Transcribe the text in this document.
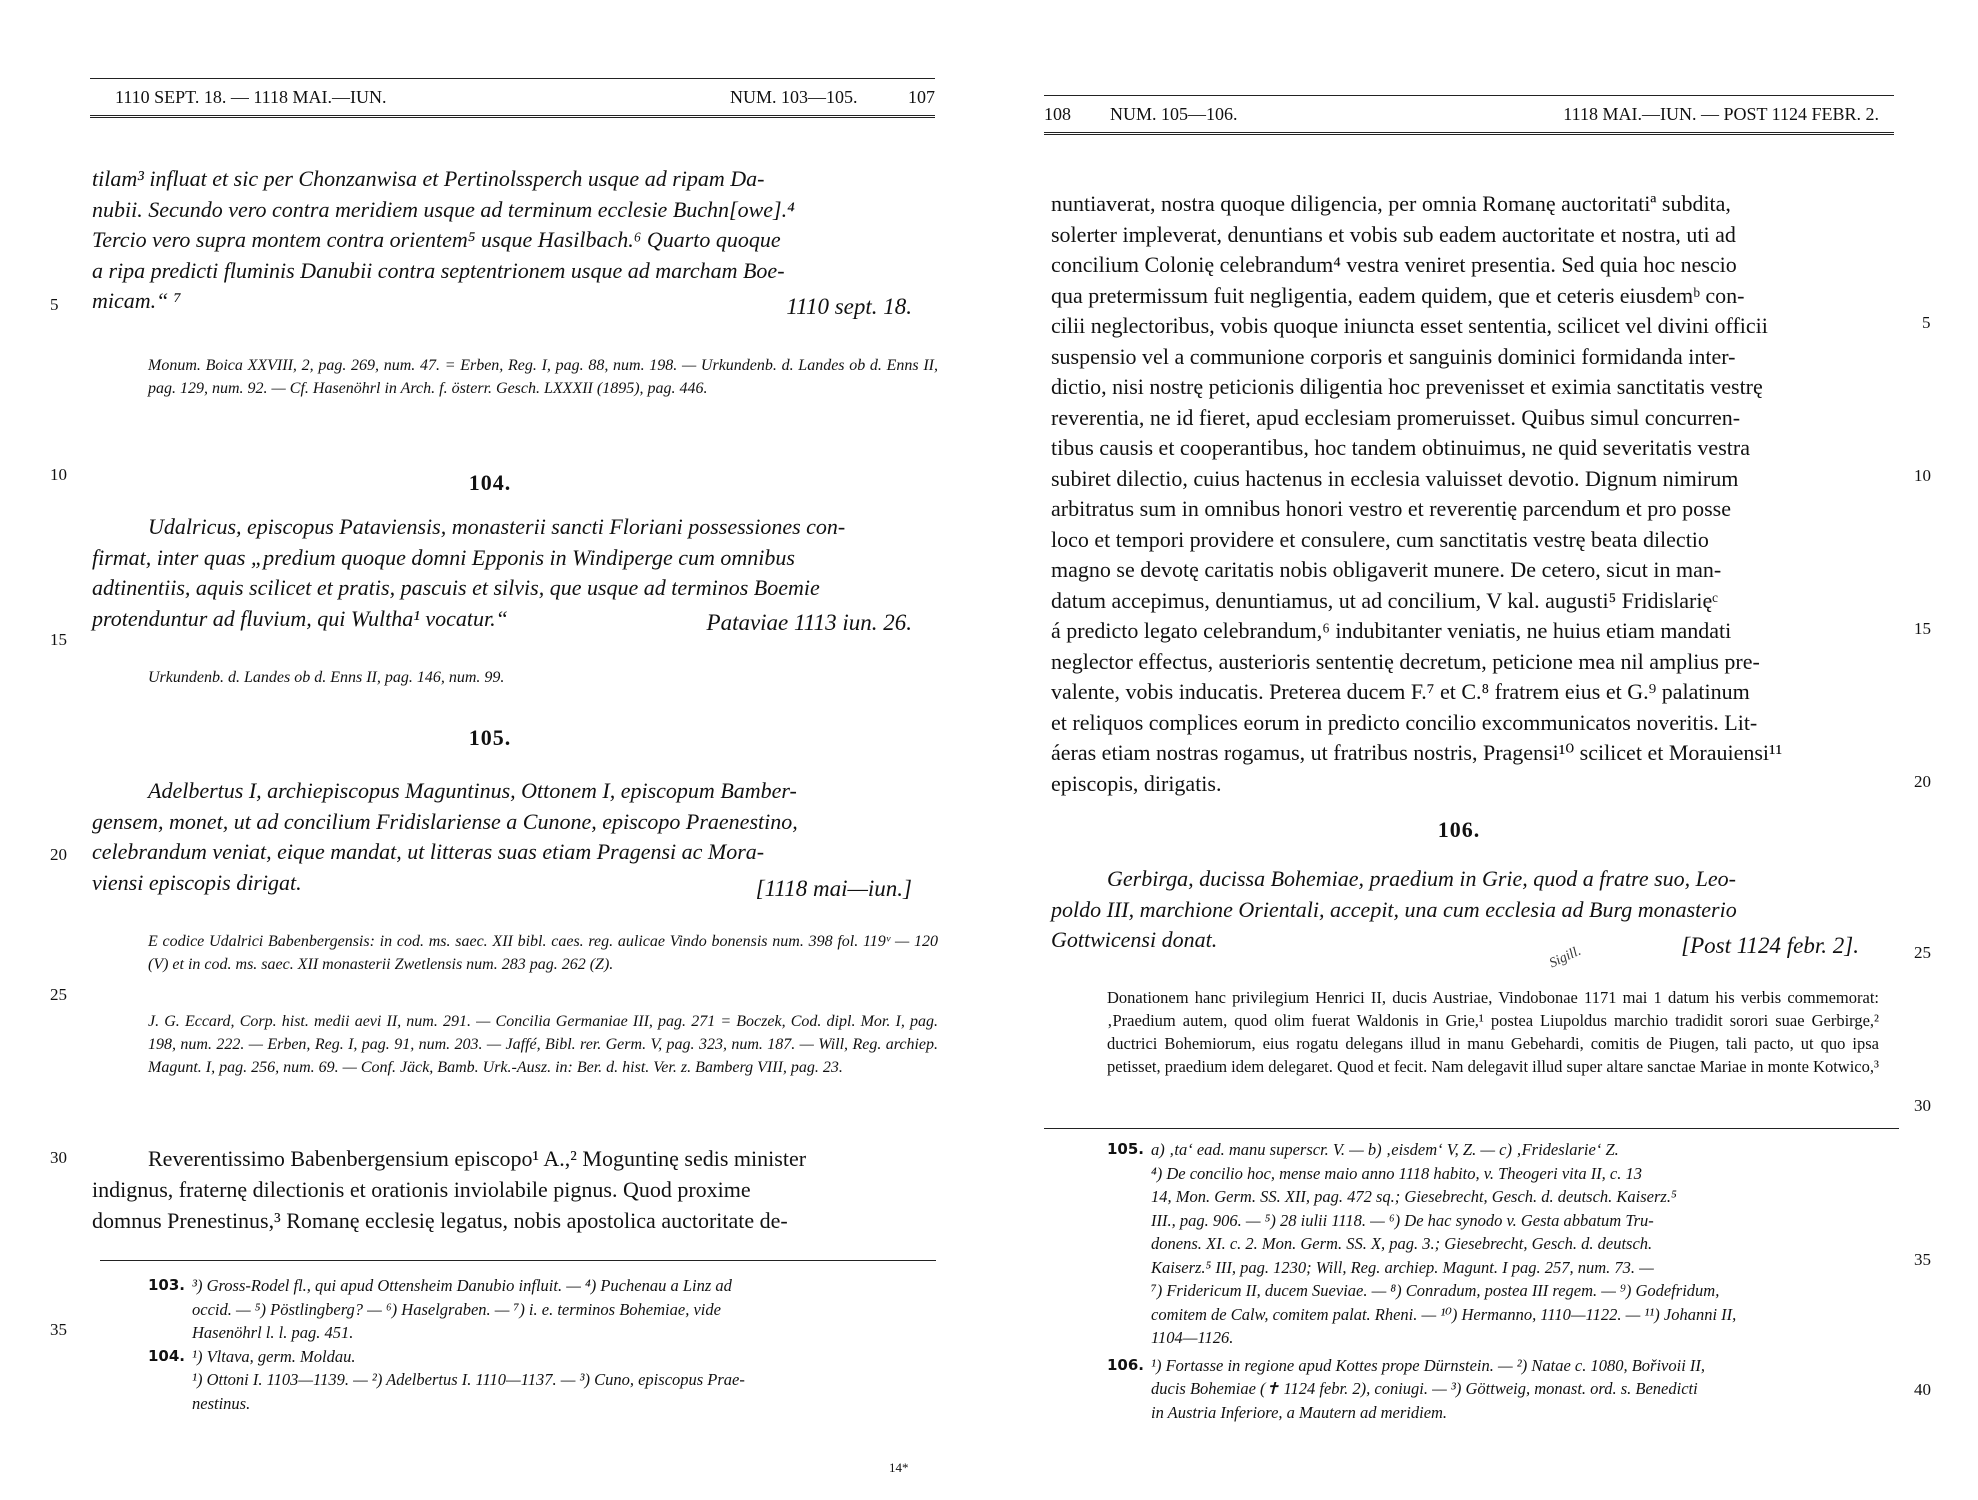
1110 SEPT. 18. — 1118 MAI.—IUN.	NUM. 103—105.	107
tilam³ influat et sic per Chonzanwisa et Pertinolssperch usque ad ripam Da-
nubii. Secundo vero contra meridiem usque ad terminum ecclesie Buchn[owe].⁴
Tercio vero supra montem contra orientem⁵ usque Hasilbach.⁶ Quarto quoque
a ripa predicti fluminis Danubii contra septentrionem usque ad marcham Boe-
micam.“ ⁷	1110 sept. 18.
Monum. Boica XXVIII, 2, pag. 269, num. 47. = Erben, Reg. I, pag. 88, num. 198. — Urkundenb. d. Landes ob d. Enns II, pag. 129, num. 92. — Cf. Hasenöhrl in Arch. f. österr. Gesch. LXXXII (1895), pag. 446.
104.
Udalricus, episcopus Pataviensis, monasterii sancti Floriani possessiones con-
firmat, inter quas „predium quoque domni Epponis in Windiperge cum omnibus
adtinentiis, aquis scilicet et pratis, pascuis et silvis, que usque ad terminos Boemie
protenduntur ad fluvium, qui Wultha¹ vocatur.“	Pataviae 1113 iun. 26.
Urkundenb. d. Landes ob d. Enns II, pag. 146, num. 99.
105.
Adelbertus I, archiepiscopus Maguntinus, Ottonem I, episcopum Bamber-
gensem, monet, ut ad concilium Fridislariense a Cunone, episcopo Praenestino,
celebrandum veniat, eique mandat, ut litteras suas etiam Pragensi ac Mora-
viensi episcopis dirigat.	[1118 mai—iun.]
E codice Udalrici Babenbergensis: in cod. ms. saec. XII bibl. caes. reg. aulicae Vindo bonensis num. 398 fol. 119ᵛ — 120 (V) et in cod. ms. saec. XII monasterii Zwetlensis num. 283 pag. 262 (Z).
J. G. Eccard, Corp. hist. medii aevi II, num. 291. — Concilia Germaniae III, pag. 271 = Boczek, Cod. dipl. Mor. I, pag. 198, num. 222. — Erben, Reg. I, pag. 91, num. 203. — Jaffé, Bibl. rer. Germ. V, pag. 323, num. 187. — Will, Reg. archiep. Magunt. I, pag. 256, num. 69. — Conf. Jäck, Bamb. Urk.-Ausz. in: Ber. d. hist. Ver. z. Bamberg VIII, pag. 23.
Reverentissimo Babenbergensium episcopo¹ A.,² Moguntinę sedis minister
indignus, fraternę dilectionis et orationis inviolabile pignus. Quod proxime
domnus Prenestinus,³ Romanę ecclesię legatus, nobis apostolica auctoritate de-
103. ³) Gross-Rodel fl., qui apud Ottensheim Danubio influit. — ⁴) Puchenau a Linz ad
occid. — ⁵) Pöstlingberg? — ⁶) Haselgraben. — ⁷) i. e. terminos Bohemiae, vide
Hasenöhrl l. l. pag. 451.
104. ¹) Vltava, germ. Moldau.
¹) Ottoni I. 1103—1139. — ²) Adelbertus I. 1110—1137. — ³) Cuno, episcopus Prae-
nestinus.
5
10
15
20
25
30
35
14*
108 NUM. 105—106.	1118 MAI.—IUN. — POST 1124 FEBR. 2.
nuntiaverat, nostra quoque diligencia, per omnia Romanę auctoritatiª subdita,
solerter impleverat, denuntians et vobis sub eadem auctoritate et nostra, uti ad
concilium Colonię celebrandum⁴ vestra veniret presentia. Sed quia hoc nescio
qua pretermissum fuit negligentia, eadem quidem, que et ceteris eiusdemᵇ con-
cilii neglectoribus, vobis quoque iniuncta esset sententia, scilicet vel divini officii
suspensio vel a communione corporis et sanguinis dominici formidanda inter-
dictio, nisi nostrę peticionis diligentia hoc prevenisset et eximia sanctitatis vestrę
reverentia, ne id fieret, apud ecclesiam promeruisset. Quibus simul concurren-
tibus causis et cooperantibus, hoc tandem obtinuimus, ne quid severitatis vestra
subiret dilectio, cuius hactenus in ecclesia valuisset devotio. Dignum nimirum
arbitratus sum in omnibus honori vestro et reverentię parcendum et pro posse
loco et tempori providere et consulere, cum sanctitatis vestrę beata dilectio
magno se devotę caritatis nobis obligaverit munere. De cetero, sicut in man-
datum accepimus, denuntiamus, ut ad concilium, V kal. augusti⁵ Fridislarięᶜ
á predicto legato celebrandum,⁶ indubitanter veniatis, ne huius etiam mandati
neglector effectus, austerioris sententię decretum, peticione mea nil amplius pre-
valente, vobis inducatis. Preterea ducem F.⁷ et C.⁸ fratrem eius et G.⁹ palatinum
et reliquos complices eorum in predicto concilio excommunicatos noveritis. Lit-
áeras etiam nostras rogamus, ut fratribus nostris, Pragensi¹⁰ scilicet et Morauiensi¹¹
episcopis, dirigatis.
106.
Gerbirga, ducissa Bohemiae, praedium in Grie, quod a fratre suo, Leo-
poldo III, marchione Orientali, accepit, una cum ecclesia ad Burg monasterio
Gottwicensi donat.	[Post 1124 febr. 2].
Sigill.
Donationem hanc privilegium Henrici II, ducis Austriae, Vindobonae 1171 mai 1 datum his verbis commemorat: ‚Praedium autem, quod olim fuerat Waldonis in Grie,¹ postea Liupoldus marchio tradidit sorori suae Gerbirge,² ductrici Bohemiorum, eius rogatu delegans illud in manu Gebehardi, comitis de Piugen, tali pacto, ut quo ipsa petisset, praedium idem delegaret. Quod et fecit. Nam delegavit illud super altare sanctae Mariae in monte Kotwico,³
105. a) ‚ta‘ ead. manu superscr. V. — b) ‚eisdem‘ V, Z. — c) ‚Frideslarie‘ Z.
⁴) De concilio hoc, mense maio anno 1118 habito, v. Theogeri vita II, c. 13
14, Mon. Germ. SS. XII, pag. 472 sq.; Giesebrecht, Gesch. d. deutsch. Kaiserz.⁵
III., pag. 906. — ⁵) 28 iulii 1118. — ⁶) De hac synodo v. Gesta abbatum Tru-
donens. XI. c. 2. Mon. Germ. SS. X, pag. 3.; Giesebrecht, Gesch. d. deutsch.
Kaiserz.⁵ III, pag. 1230; Will, Reg. archiep. Magunt. I pag. 257, num. 73. —
⁷) Fridericum II, ducem Sueviae. — ⁸) Conradum, postea III regem. — ⁹) Godefridum,
comitem de Calw, comitem palat. Rheni. — ¹⁰) Hermanno, 1110—1122. — ¹¹) Johanni II,
1104—1126.
106. ¹) Fortasse in regione apud Kottes prope Dürnstein. — ²) Natae c. 1080, Bořivoii II,
ducis Bohemiae (✝ 1124 febr. 2), coniugi. — ³) Göttweig, monast. ord. s. Benedicti
in Austria Inferiore, a Mautern ad meridiem.
5
10
15
20
25
30
35
40
